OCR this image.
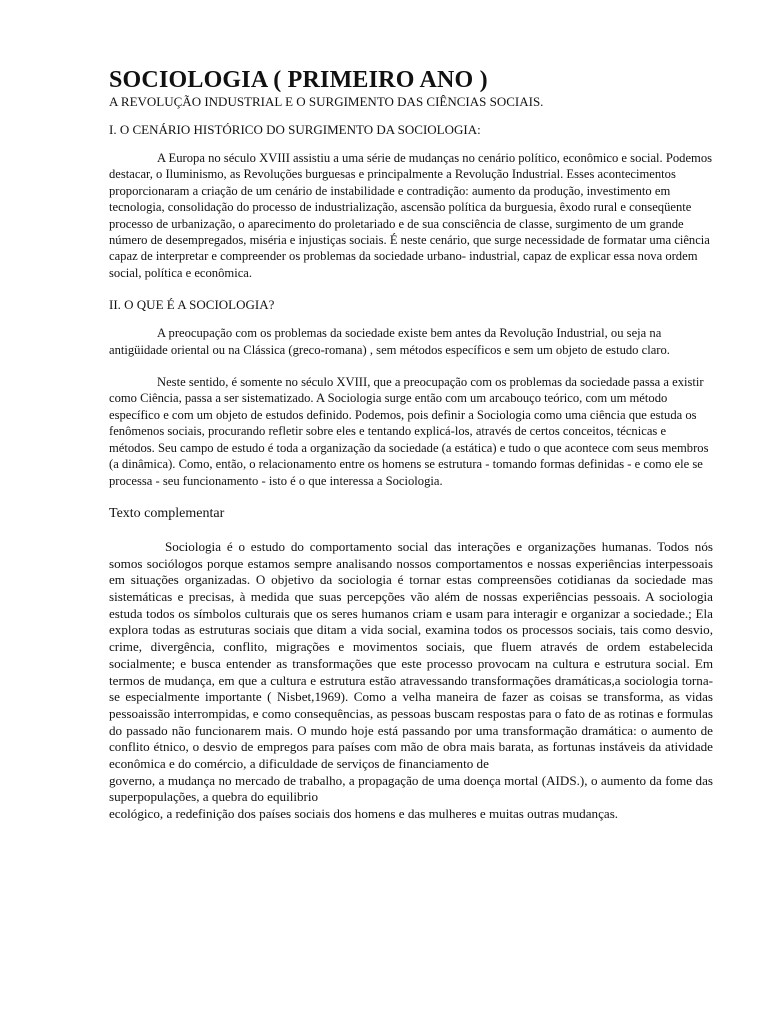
SOCIOLOGIA ( PRIMEIRO ANO )

A REVOLUÇÃO INDUSTRIAL E O SURGIMENTO DAS CIÊNCIAS SOCIAIS.

I. O CENÁRIO HISTÓRICO DO SURGIMENTO DA SOCIOLOGIA:

A Europa no século XVIII assistiu a uma série de mudanças no cenário político, econômico e social. Podemos destacar, o Iluminismo, as Revoluções burguesas e principalmente a Revolução Industrial. Esses acontecimentos proporcionaram a criação de um cenário de instabilidade e contradição: aumento da produção, investimento em tecnologia, consolidação do processo de industrialização, ascensão política da burguesia, êxodo rural e conseqüente processo de urbanização, o aparecimento do proletariado e de sua consciência de classe, surgimento de um grande número de desempregados, miséria e injustiças sociais. É neste cenário, que surge necessidade de formatar uma ciência capaz de interpretar e compreender os problemas da sociedade urbano- industrial, capaz de explicar essa nova ordem social, política e econômica.

II. O QUE É A SOCIOLOGIA?

A preocupação com os problemas da sociedade existe bem antes da Revolução Industrial, ou seja na antigüidade oriental ou na Clássica (greco-romana) , sem métodos específicos e sem um objeto de estudo claro.

Neste sentido, é somente no século XVIII, que a preocupação com os problemas da sociedade passa a existir como Ciência, passa a ser sistematizado. A Sociologia surge então com um arcabouço teórico, com um método específico e com um objeto de estudos definido. Podemos, pois definir a Sociologia como uma ciência que estuda os fenômenos sociais, procurando refletir sobre eles e tentando explicá-los, através de certos conceitos, técnicas e métodos. Seu campo de estudo é toda a organização da sociedade (a estática) e tudo o que acontece com seus membros (a dinâmica). Como, então, o relacionamento entre os homens se estrutura - tomando formas definidas - e como ele se processa - seu funcionamento - isto é o que interessa a Sociologia.

Texto complementar

Sociologia é o estudo do comportamento social das interações e organizações humanas. Todos nós somos sociólogos porque estamos sempre analisando nossos comportamentos e nossas experiências interpessoais em situações organizadas. O objetivo da sociologia é tornar estas compreensões cotidianas da sociedade mas sistemáticas e precisas, à medida que suas percepções vão além de nossas experiências pessoais. A sociologia estuda todos os símbolos culturais que os seres humanos criam e usam para interagir e organizar a sociedade.; Ela explora todas as estruturas sociais que ditam a vida social, examina todos os processos sociais, tais como desvio, crime, divergência, conflito, migrações e movimentos sociais, que fluem através de ordem estabelecida socialmente; e busca entender as transformações que este processo provocam na cultura e estrutura social. Em termos de mudança, em que a cultura e estrutura estão atravessando transformações dramáticas,a sociologia torna-se especialmente importante ( Nisbet,1969). Como a velha maneira de fazer as coisas se transforma, as vidas pessoaissão interrompidas, e como consequências, as pessoas buscam respostas para o fato de as rotinas e formulas do passado não funcionarem mais. O mundo hoje está passando por uma transformação dramática: o aumento de conflito étnico, o desvio de empregos para países com mão de obra mais barata, as fortunas instáveis da atividade econômica e do comércio, a dificuldade de serviços de financiamento de

governo, a mudança no mercado de trabalho, a propagação de uma doença mortal (AIDS.), o aumento da fome das superpopulações, a quebra do equilibrio

ecológico, a redefinição dos países sociais dos homens e das mulheres e muitas outras mudanças.
